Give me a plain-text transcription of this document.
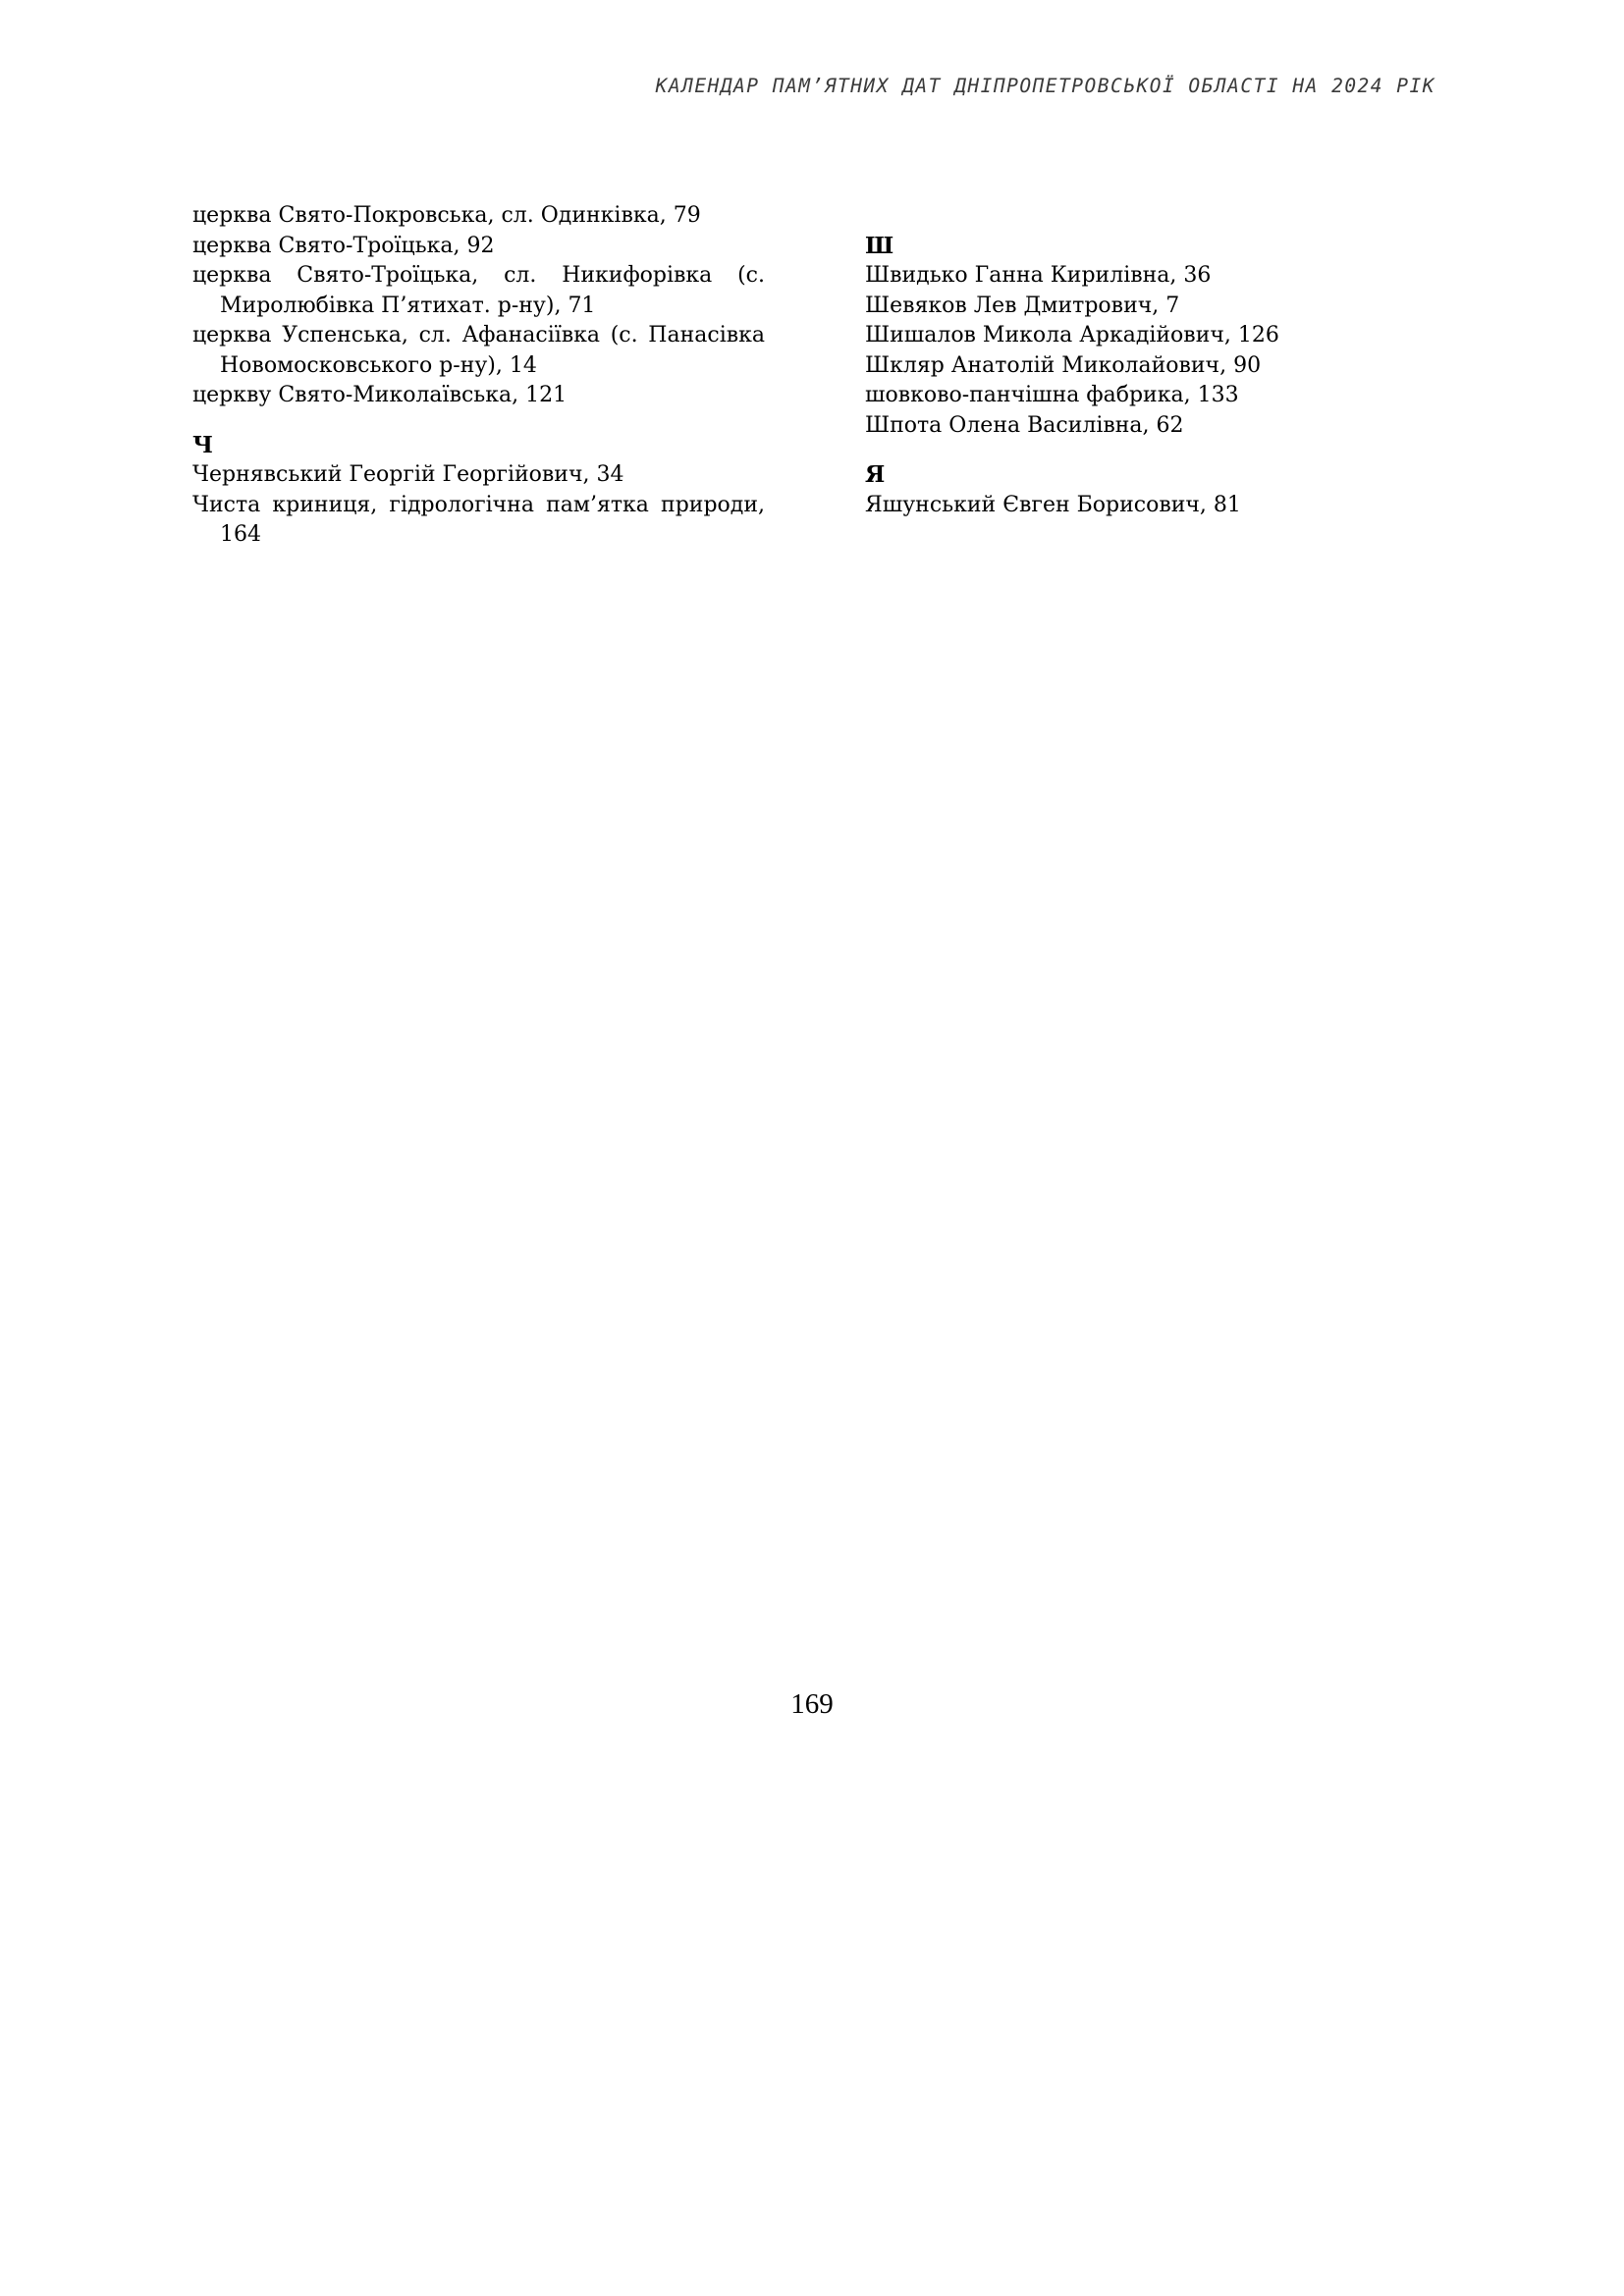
КАЛЕНДАР ПАМ’ЯТНИХ ДАТ ДНІПРОПЕТРОВСЬКОЇ ОБЛАСТІ НА 2024 РІК
церква Свято-Покровська, сл. Одинківка, 79
церква Свято-Троїцька, 92
церква Свято-Троїцька, сл. Никифорівка (с. Миролюбівка П’ятихат. р-ну), 71
церква Успенська, сл. Афанасіївка (с. Панасівка Новомосковського р-ну), 14
церкву Свято-Миколаївська, 121
Ч
Чернявський Георгій Георгійович, 34
Чиста криниця, гідрологічна пам’ятка природи, 164
Ш
Швидько Ганна Кирилівна, 36
Шевяков Лев Дмитрович, 7
Шишалов Микола Аркадійович, 126
Шкляр Анатолій Миколайович, 90
шовково-панчішна фабрика, 133
Шпота Олена Василівна, 62
Я
Яшунський Євген Борисович, 81
169
